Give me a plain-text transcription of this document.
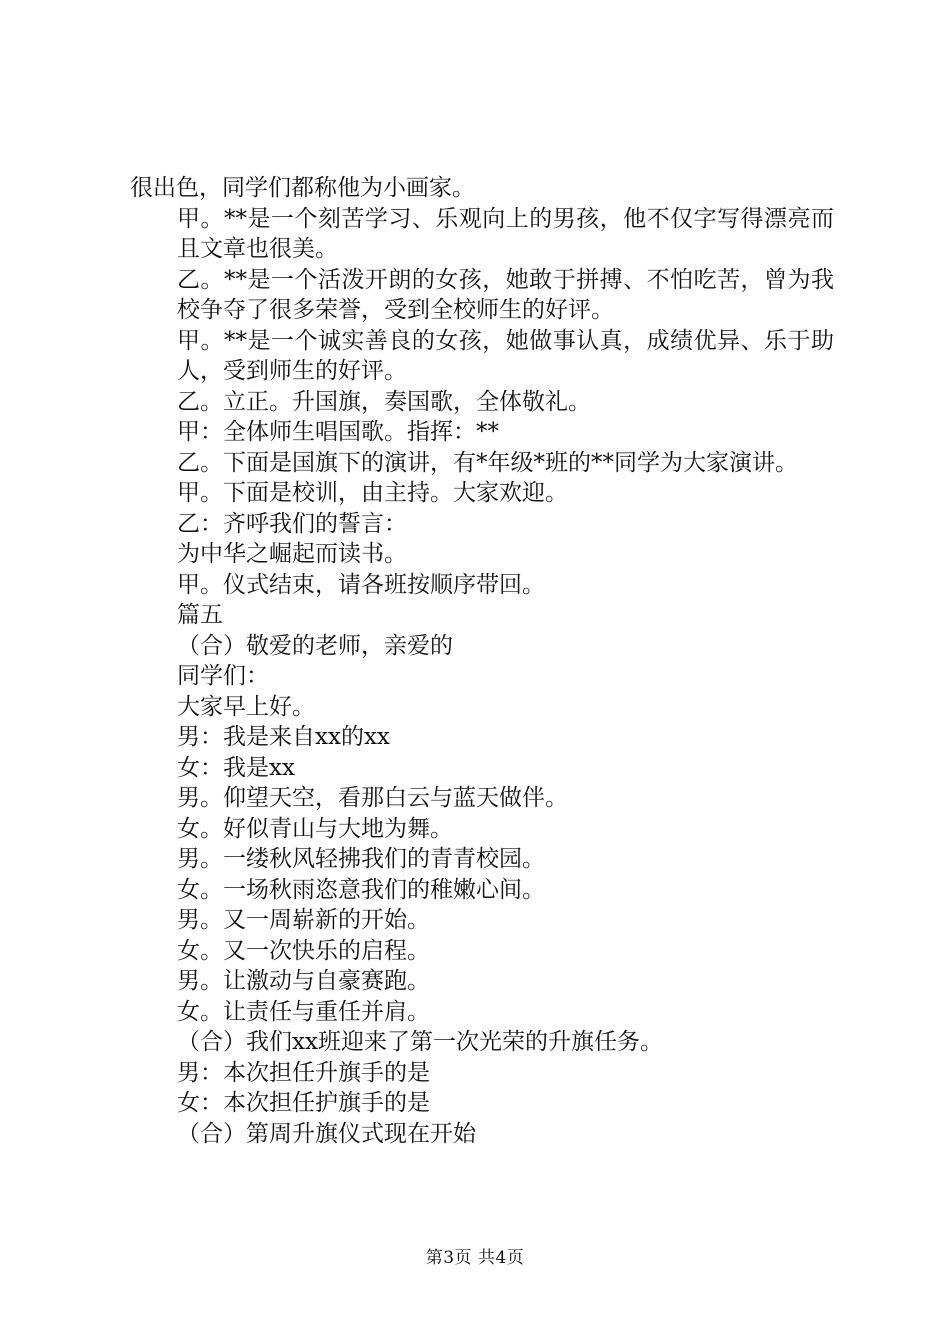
很出色，同学们都称他为小画家。

甲。**是一个刻苦学习、乐观向上的男孩，他不仅字写得漂亮而且文章也很美。

乙。**是一个活泼开朗的女孩，她敢于拼搏、不怕吃苦，曾为我校争夺了很多荣誉，受到全校师生的好评。

甲。**是一个诚实善良的女孩，她做事认真，成绩优异、乐于助人，受到师生的好评。

乙。立正。升国旗，奏国歌，全体敬礼。

甲：全体师生唱国歌。指挥：**

乙。下面是国旗下的演讲，有*年级*班的**同学为大家演讲。

甲。下面是校训，由主持。大家欢迎。

乙：齐呼我们的誓言：

为中华之崛起而读书。

甲。仪式结束，请各班按顺序带回。

篇五

（合）敬爱的老师，亲爱的

同学们：

大家早上好。

男：我是来自xx的xx

女：我是xx

男。仰望天空，看那白云与蓝天做伴。

女。好似青山与大地为舞。

男。一缕秋风轻拂我们的青青校园。

女。一场秋雨恣意我们的稚嫩心间。

男。又一周崭新的开始。

女。又一次快乐的启程。

男。让激动与自豪赛跑。

女。让责任与重任并肩。

（合）我们xx班迎来了第一次光荣的升旗任务。

男：本次担任升旗手的是

女：本次担任护旗手的是

（合）第周升旗仪式现在开始

第3页 共4页
